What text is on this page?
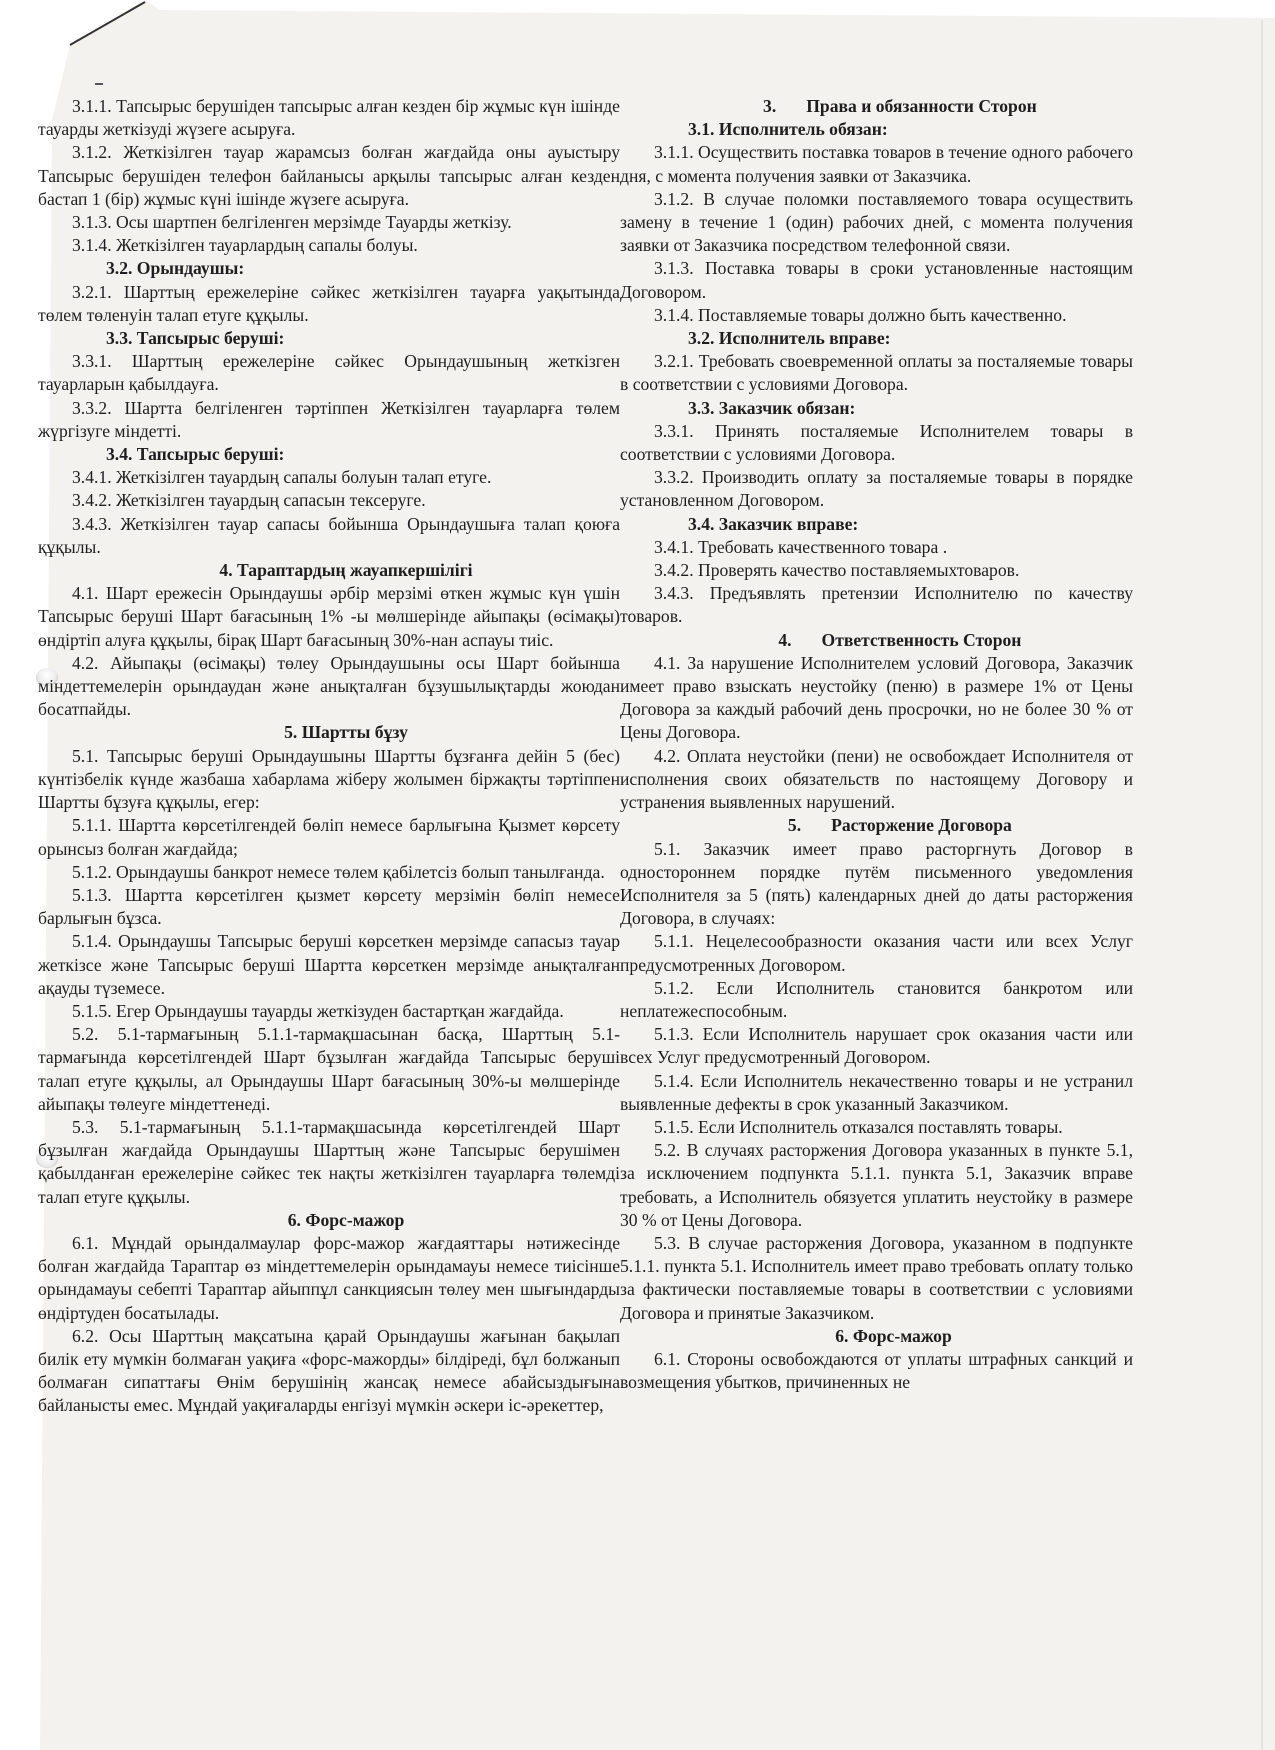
3.1.1. Тапсырыс берушіден тапсырыс алған кезден бір жұмыс күн ішінде тауарды жеткізуді жүзеге асыруға.

3.1.2. Жеткізілген тауар жарамсыз болған жағдайда оны ауыстыру Тапсырыс берушіден телефон байланысы арқылы тапсырыс алған кезден бастап 1 (бір) жұмыс күні ішінде жүзеге асыруға.

3.1.3. Осы шартпен белгіленген мерзімде Тауарды жеткізу.

3.1.4. Жеткізілген тауарлардың сапалы болуы.

3.2. Орындаушы:

3.2.1. Шарттың ережелеріне сәйкес жеткізілген тауарға уақытында төлем төленуін талап етуге құқылы.

3.3. Тапсырыс беруші:

3.3.1. Шарттың ережелеріне сәйкес Орындаушының жеткізген тауарларын қабылдауға.

3.3.2. Шартта белгіленген тәртіппен Жеткізілген тауарларға төлем жүргізуге міндетті.

3.4. Тапсырыс беруші:

3.4.1. Жеткізілген тауардың сапалы болуын талап етуге.

3.4.2. Жеткізілген тауардың сапасын тексеруге.

3.4.3. Жеткізілген тауар сапасы бойынша Орындаушыға талап қоюға құқылы.

4. Тараптардың жауапкершілігі

4.1. Шарт ережесін Орындаушы әрбір мерзімі өткен жұмыс күн үшін Тапсырыс беруші Шарт бағасының 1% -ы мөлшерінде айыпақы (өсімақы) өндіртіп алуға құқылы, бірақ Шарт бағасының 30%-нан аспауы тиіс.

4.2. Айыпақы (өсімақы) төлеу Орындаушыны осы Шарт бойынша міндеттемелерін орындаудан және анықталған бұзушылықтарды жоюдан босатпайды.

5. Шартты бұзу

5.1. Тапсырыс беруші Орындаушыны Шартты бұзғанға дейін 5 (бес) күнтізбелік күнде жазбаша хабарлама жіберу жолымен біржақты тәртіппен Шартты бұзуға құқылы, егер:

5.1.1. Шартта көрсетілгендей бөліп немесе барлығына Қызмет көрсету орынсыз болған жағдайда;

5.1.2. Орындаушы банкрот немесе төлем қабілетсіз болып танылғанда.

5.1.3. Шартта көрсетілген қызмет көрсету мерзімін бөліп немесе барлығын бұзса.

5.1.4. Орындаушы Тапсырыс беруші көрсеткен мерзімде сапасыз тауар жеткізсе және Тапсырыс беруші Шартта көрсеткен мерзімде анықталған ақауды түземесе.

5.1.5. Егер Орындаушы тауарды жеткізуден бастартқан жағдайда.

5.2. 5.1-тармағының 5.1.1-тармақшасынан басқа, Шарттың 5.1-тармағында көрсетілгендей Шарт бұзылған жағдайда Тапсырыс беруші талап етуге құқылы, ал Орындаушы Шарт бағасының 30%-ы мөлшерінде айыпақы төлеуге міндеттенеді.

5.3. 5.1-тармағының 5.1.1-тармақшасында көрсетілгендей Шарт бұзылған жағдайда Орындаушы Шарттың және Тапсырыс берушімен қабылданған ережелеріне сәйкес тек нақты жеткізілген тауарларға төлемді талап етуге құқылы.

6. Форс-мажор

6.1. Мұндай орындалмаулар форс-мажор жағдаяттары нәтижесінде болған жағдайда Тараптар өз міндеттемелерін орындамауы немесе тиісінше орындамауы себепті Тараптар айыппұл санкциясын төлеу мен шығындарды өндіртуден босатылады.

6.2. Осы Шарттың мақсатына қарай Орындаушы жағынан бақылап билік ету мүмкін болмаған уақиға «форс-мажорды» білдіреді, бұл болжанып болмаған сипаттағы Өнім берушінің жансақ немесе абайсыздығына байланысты емес. Мұндай уақиғаларды енгізуі мүмкін әскери іс-әрекеттер,

3. Права и обязанности Сторон

3.1. Исполнитель обязан:

3.1.1. Осуществить поставка товаров в течение одного рабочего дня, с момента получения заявки от Заказчика.

3.1.2. В случае поломки поставляемого товара осуществить замену в течение 1 (один) рабочих дней, с момента получения заявки от Заказчика посредством телефонной связи.

3.1.3. Поставка товары в сроки установленные настоящим Договором.

3.1.4. Поставляемые товары должно быть качественно.

3.2. Исполнитель вправе:

3.2.1. Требовать своевременной оплаты за посталяемые товары в соответствии с условиями Договора.

3.3. Заказчик обязан:

3.3.1. Принять посталяемые Исполнителем товары в соответствии с условиями Договора.

3.3.2. Производить оплату за посталяемые товары в порядке установленном Договором.

3.4. Заказчик вправе:

3.4.1. Требовать качественного товара .

3.4.2. Проверять качество поставляемыхтоваров.

3.4.3. Предъявлять претензии Исполнителю по качеству товаров.

4. Ответственность Сторон

4.1. За нарушение Исполнителем условий Договора, Заказчик имеет право взыскать неустойку (пеню) в размере 1% от Цены Договора за каждый рабочий день просрочки, но не более 30 % от Цены Договора.

4.2. Оплата неустойки (пени) не освобождает Исполнителя от исполнения своих обязательств по настоящему Договору и устранения выявленных нарушений.

5. Расторжение Договора

5.1. Заказчик имеет право расторгнуть Договор в одностороннем порядке путём письменного уведомления Исполнителя за 5 (пять) календарных дней до даты расторжения Договора, в случаях:

5.1.1. Нецелесообразности оказания части или всех Услуг предусмотренных Договором.

5.1.2. Если Исполнитель становится банкротом или неплатежеспособным.

5.1.3. Если Исполнитель нарушает срок оказания части или всех Услуг предусмотренный Договором.

5.1.4. Если Исполнитель некачественно товары и не устранил выявленные дефекты в срок указанный Заказчиком.

5.1.5. Если Исполнитель отказался поставлять товары.

5.2. В случаях расторжения Договора указанных в пункте 5.1, за исключением подпункта 5.1.1. пункта 5.1, Заказчик вправе требовать, а Исполнитель обязуется уплатить неустойку в размере 30 % от Цены Договора.

5.3. В случае расторжения Договора, указанном в подпункте 5.1.1. пункта 5.1. Исполнитель имеет право требовать оплату только за фактически поставляемые товары в соответствии с условиями Договора и принятые Заказчиком.

6. Форс-мажор

6.1. Стороны освобождаются от уплаты штрафных санкций и возмещения убытков, причиненных не
